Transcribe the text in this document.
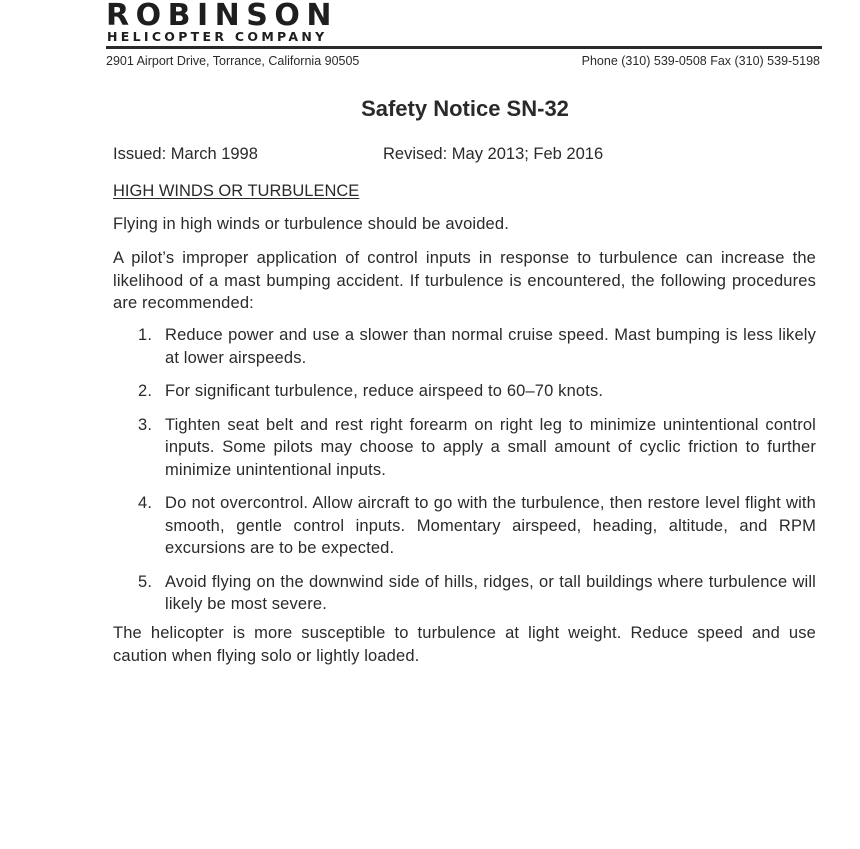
ROBINSON
HELICOPTER COMPANY
2901 Airport Drive, Torrance, California 90505	Phone (310) 539-0508 Fax (310) 539-5198
Safety Notice SN-32
Issued: March 1998	Revised: May 2013; Feb 2016
HIGH WINDS OR TURBULENCE
Flying in high winds or turbulence should be avoided.
A pilot’s improper application of control inputs in response to turbulence can increase the likelihood of a mast bumping accident. If turbulence is encountered, the following procedures are recommended:
1. Reduce power and use a slower than normal cruise speed. Mast bumping is less likely at lower airspeeds.
2. For significant turbulence, reduce airspeed to 60–70 knots.
3. Tighten seat belt and rest right forearm on right leg to minimize unintentional control inputs. Some pilots may choose to apply a small amount of cyclic friction to further minimize unintentional inputs.
4. Do not overcontrol. Allow aircraft to go with the turbulence, then restore level flight with smooth, gentle control inputs. Momentary airspeed, heading, altitude, and RPM excursions are to be expected.
5. Avoid flying on the downwind side of hills, ridges, or tall buildings where turbulence will likely be most severe.
The helicopter is more susceptible to turbulence at light weight. Reduce speed and use caution when flying solo or lightly loaded.
